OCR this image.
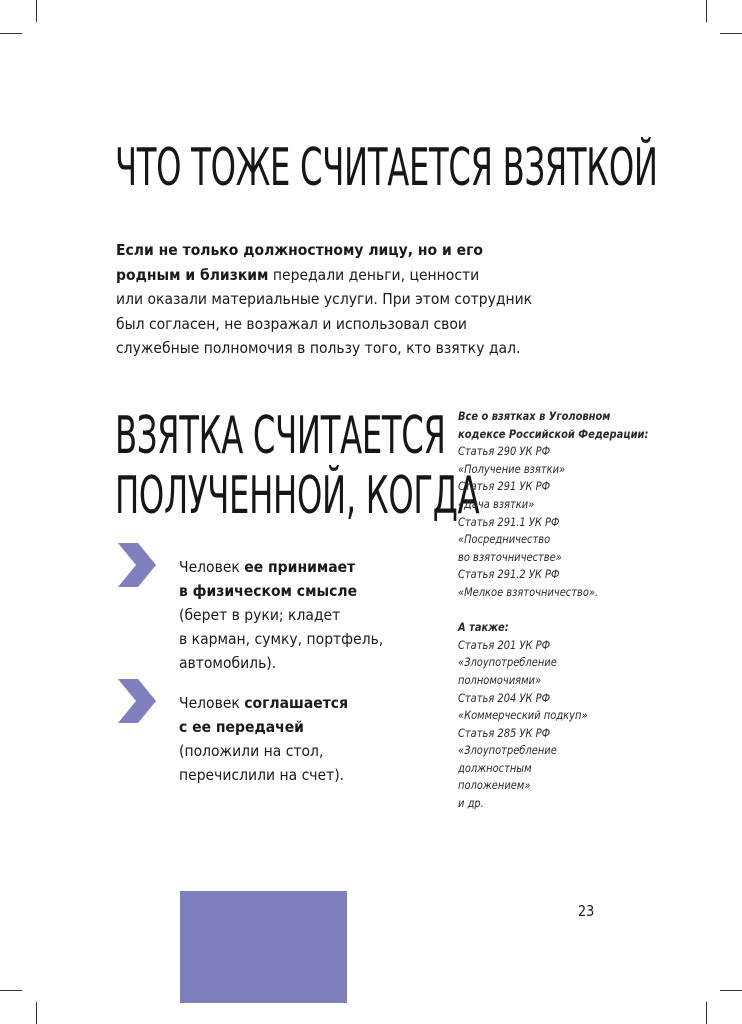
ЧТО ТОЖЕ СЧИТАЕТСЯ ВЗЯТКОЙ
Если не только должностному лицу, но и его
родным и близким передали деньги, ценности
или оказали материальные услуги. При этом сотрудник
был согласен, не возражал и использовал свои
служебные полномочия в пользу того, кто взятку дал.
ВЗЯТКА СЧИТАЕТСЯ
ПОЛУЧЕННОЙ, КОГДА
Человек ее принимает
в физическом смысле
(берет в руки; кладет
в карман, сумку, портфель,
автомобиль).
Человек соглашается
с ее передачей
(положили на стол,
перечислили на счет).
Все о взятках в Уголовном
кодексе Российской Федерации:
Статья 290 УК РФ
«Получение взятки»
Статья 291 УК РФ
«Дача взятки»
Статья 291.1 УК РФ
«Посредничество
во взяточничестве»
Статья 291.2 УК РФ
«Мелкое взяточничество».
А также:
Статья 201 УК РФ
«Злоупотребление
полномочиями»
Статья 204 УК РФ
«Коммерческий подкуп»
Статья 285 УК РФ
«Злоупотребление
должностным
положением»
и др.
23
